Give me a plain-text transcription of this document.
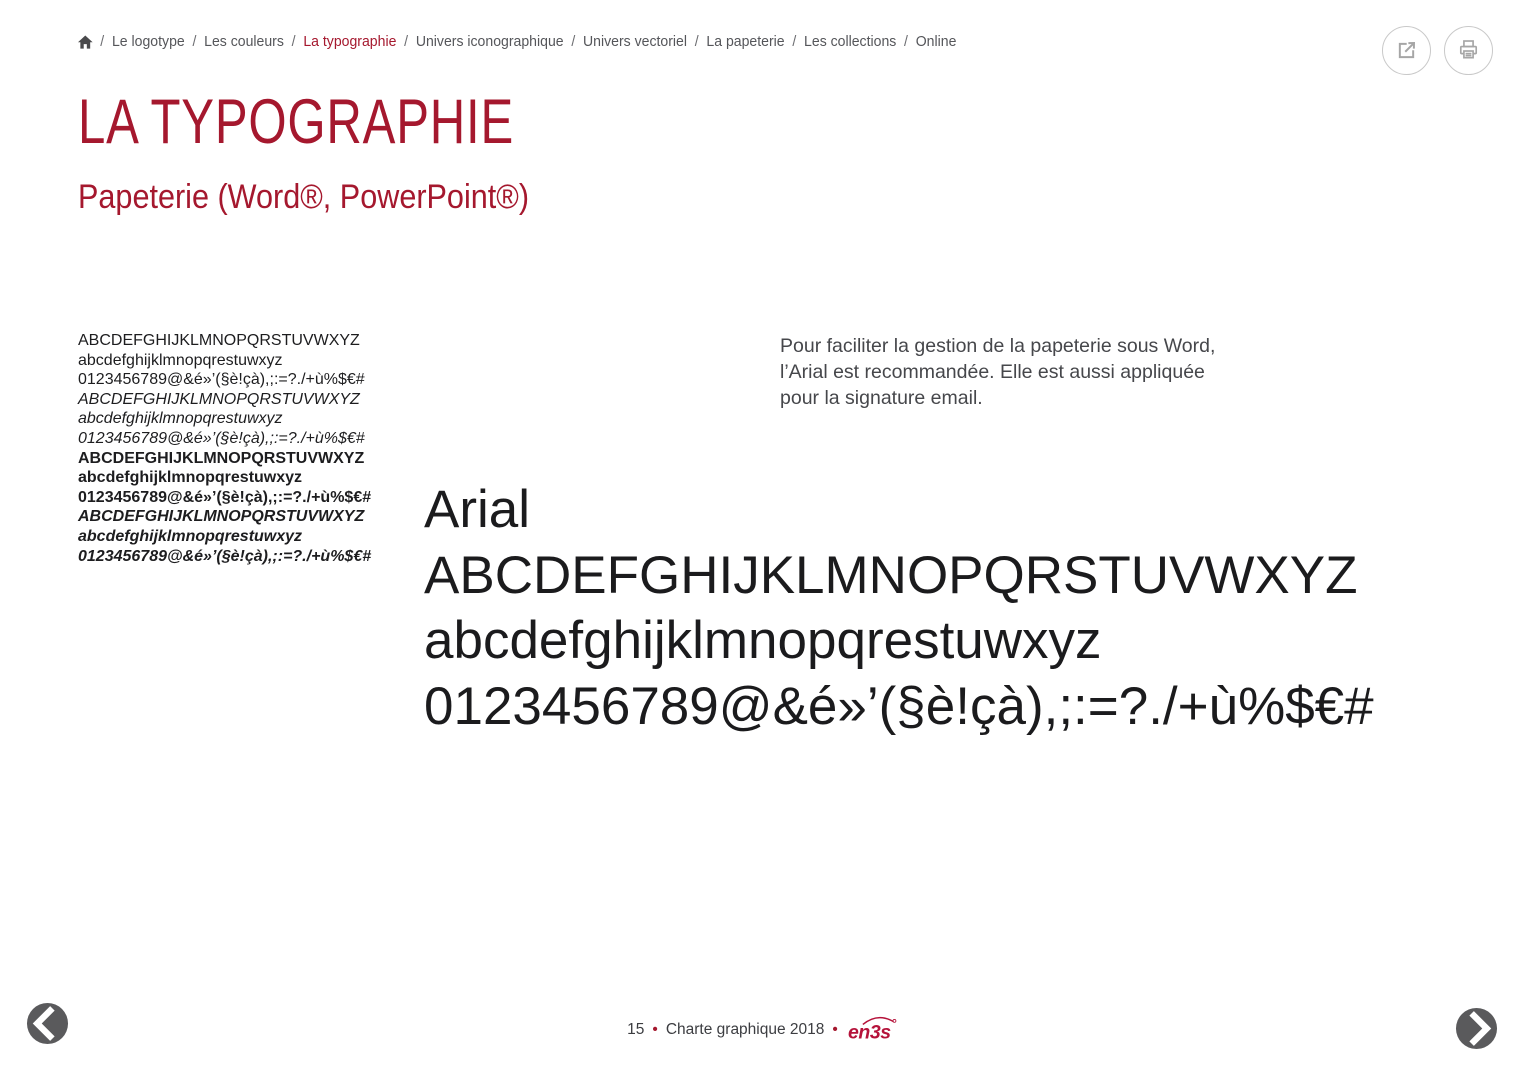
/ Le logotype / Les couleurs / La typographie / Univers iconographique / Univers vectoriel / La papeterie / Les collections / Online
LA TYPOGRAPHIE
Papeterie (Word®, PowerPoint®)
ABCDEFGHIJKLMNOPQRSTUVWXYZ
abcdefghijklmnopqrestuwxyz
0123456789@&é»’(§è!çà),;:=?./+ù%$€#
ABCDEFGHIJKLMNOPQRSTUVWXYZ
abcdefghijklmnopqrestuwxyz
0123456789@&é»’(§è!çà),;:=?./+ù%$€#
ABCDEFGHIJKLMNOPQRSTUVWXYZ
abcdefghijklmnopqrestuwxyz
0123456789@&é»’(§è!çà),;:=?./+ù%$€#
ABCDEFGHIJKLMNOPQRSTUVWXYZ
abcdefghijklmnopqrestuwxyz
0123456789@&é»’(§è!çà),;:=?./+ù%$€#

Pour faciliter la gestion de la papeterie sous Word,
l’Arial est recommandée. Elle est aussi appliquée
pour la signature email.

Arial
ABCDEFGHIJKLMNOPQRSTUVWXYZ
abcdefghijklmnopqrestuwxyz
0123456789@&é»’(§è!çà),;:=?./+ù%$€#
15 • Charte graphique 2018 • en3s
